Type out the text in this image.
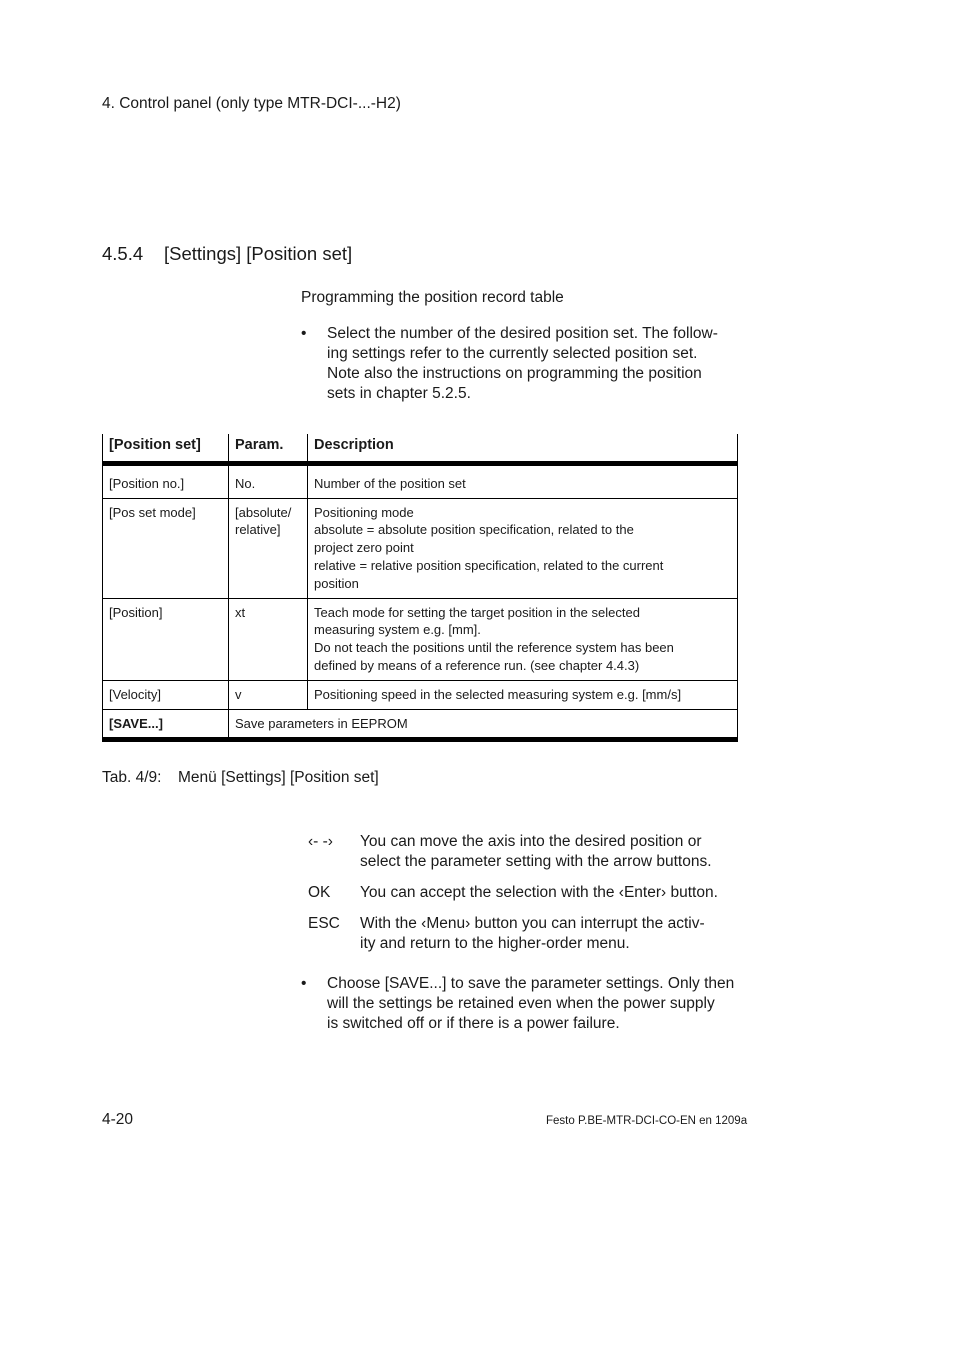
4. Control panel (only type MTR-DCI-...-H2)
4.5.4 [Settings] [Position set]
Programming the position record table
• Select the number of the desired position set. The follow-
ing settings refer to the currently selected position set.
Note also the instructions on programming the position
sets in chapter 5.2.5.
[Position set]	Param.	Description
[Position no.]	No.	Number of the position set
[Pos set mode]	[absolute/
relative]	Positioning mode
absolute = absolute position specification, related to the
project zero point
relative = relative position specification, related to the current
position
[Position]	xt	Teach mode for setting the target position in the selected
measuring system e.g. [mm].
Do not teach the positions until the reference system has been
defined by means of a reference run. (see chapter 4.4.3)
[Velocity]	v	Positioning speed in the selected measuring system e.g. [mm/s]
[SAVE...]	Save parameters in EEPROM	
Tab. 4/9: Menü [Settings] [Position set]
‹- -› You can move the axis into the desired position or
select the parameter setting with the arrow buttons.
OK You can accept the selection with the ‹Enter› button.
ESC With the ‹Menu› button you can interrupt the activ-
ity and return to the higher-order menu.
• Choose [SAVE...] to save the parameter settings. Only then
will the settings be retained even when the power supply
is switched off or if there is a power failure.
4-20	Festo P.BE-MTR-DCI-CO-EN en 1209a
